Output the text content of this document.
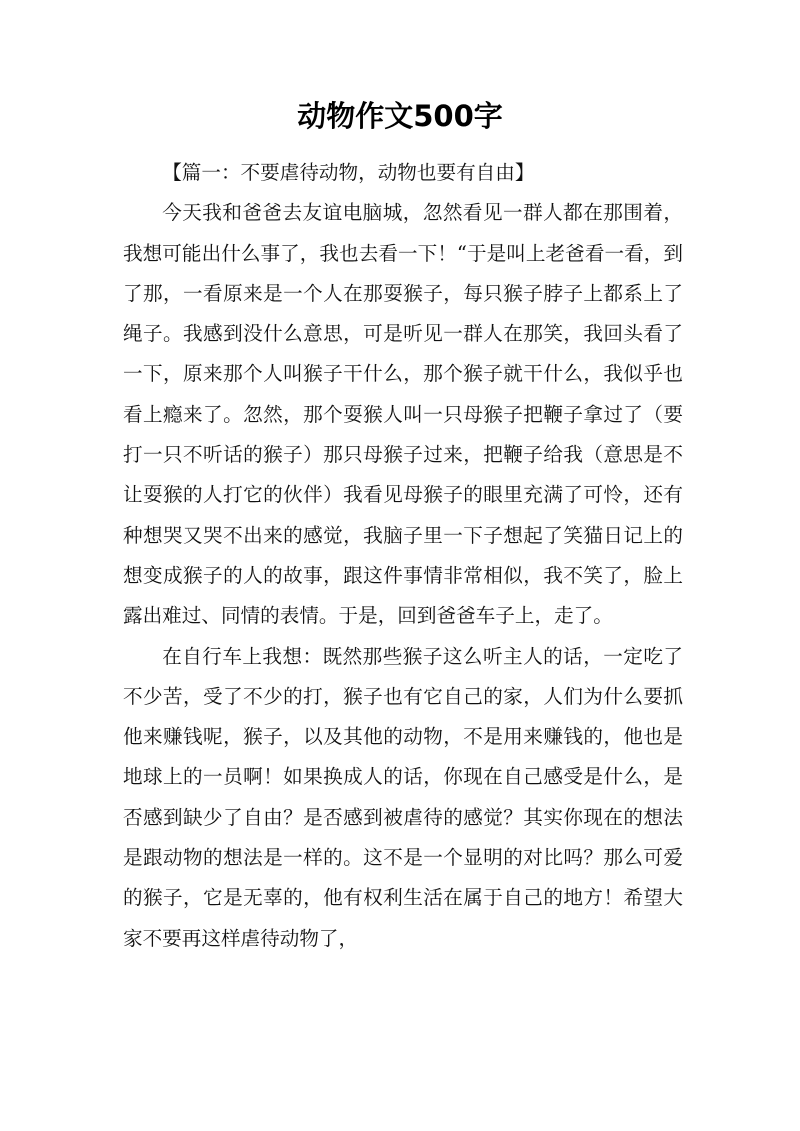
动物作文500字

【篇一：不要虐待动物，动物也要有自由】

今天我和爸爸去友谊电脑城，忽然看见一群人都在那围着，我想可能出什么事了，我也去看一下！“于是叫上老爸看一看，到了那，一看原来是一个人在那耍猴子，每只猴子脖子上都系上了绳子。我感到没什么意思，可是听见一群人在那笑，我回头看了一下，原来那个人叫猴子干什么，那个猴子就干什么，我似乎也看上瘾来了。忽然，那个耍猴人叫一只母猴子把鞭子拿过了（要打一只不听话的猴子）那只母猴子过来，把鞭子给我（意思是不让耍猴的人打它的伙伴）我看见母猴子的眼里充满了可怜，还有种想哭又哭不出来的感觉，我脑子里一下子想起了笑猫日记上的想变成猴子的人的故事，跟这件事情非常相似，我不笑了，脸上露出难过、同情的表情。于是，回到爸爸车子上，走了。

在自行车上我想：既然那些猴子这么听主人的话，一定吃了不少苦，受了不少的打，猴子也有它自己的家，人们为什么要抓他来赚钱呢，猴子，以及其他的动物，不是用来赚钱的，他也是地球上的一员啊！如果换成人的话，你现在自己感受是什么，是否感到缺少了自由？是否感到被虐待的感觉？其实你现在的想法是跟动物的想法是一样的。这不是一个显明的对比吗？那么可爱的猴子，它是无辜的，他有权利生活在属于自己的地方！希望大家不要再这样虐待动物了，
